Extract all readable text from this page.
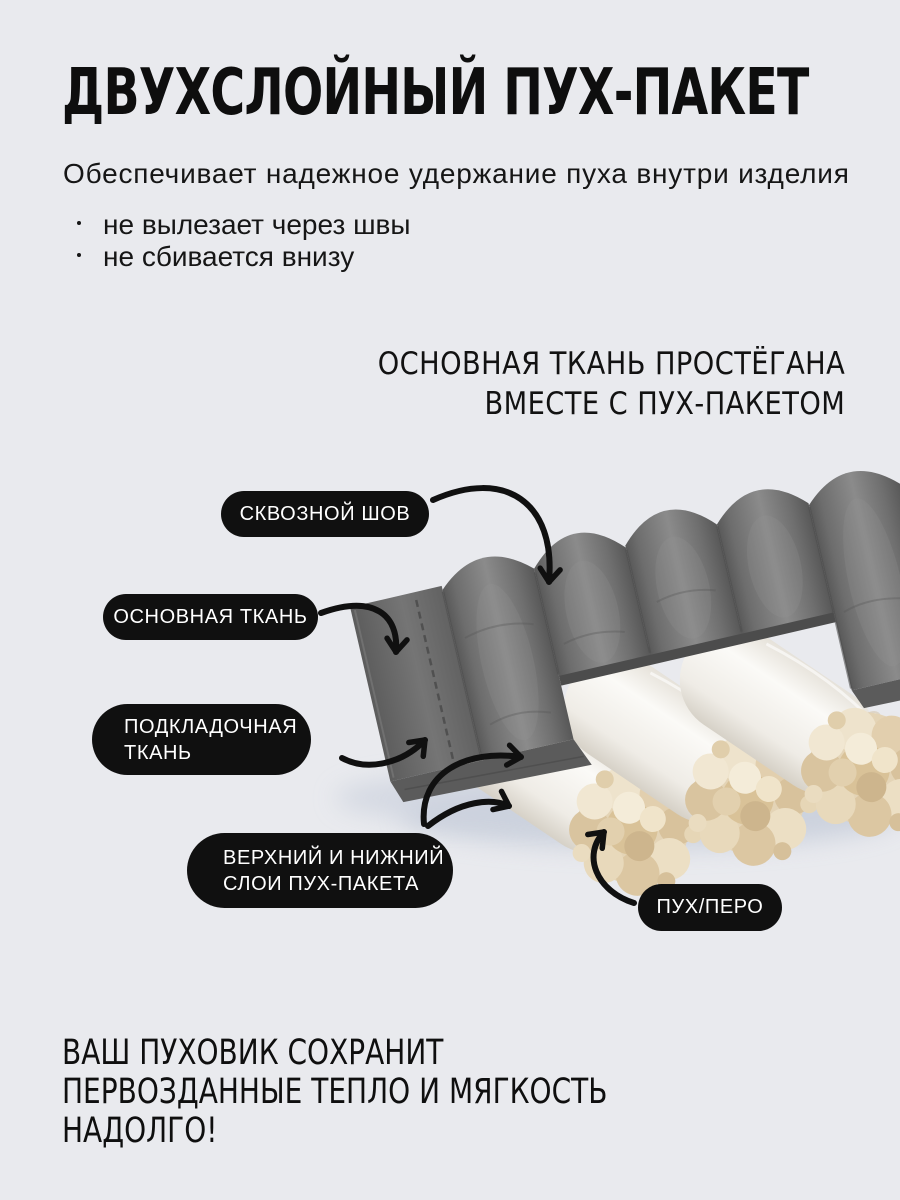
ДВУХСЛОЙНЫЙ ПУХ-ПАКЕТ

Обеспечивает надежное удержание пуха внутри изделия

не вылезает через швы
не сбивается внизу
ОСНОВНАЯ ТКАНЬ ПРОСТЁГАНА
ВМЕСТЕ С ПУХ-ПАКЕТОМ
СКВОЗНОЙ ШОВ
ОСНОВНАЯ ТКАНЬ
ПОДКЛАДОЧНАЯ
ТКАНЬ
ВЕРХНИЙ И НИЖНИЙ
СЛОИ ПУХ-ПАКЕТА
ПУХ/ПЕРО
ВАШ ПУХОВИК СОХРАНИТ
ПЕРВОЗДАННЫЕ ТЕПЛО И МЯГКОСТЬ
НАДОЛГО!
